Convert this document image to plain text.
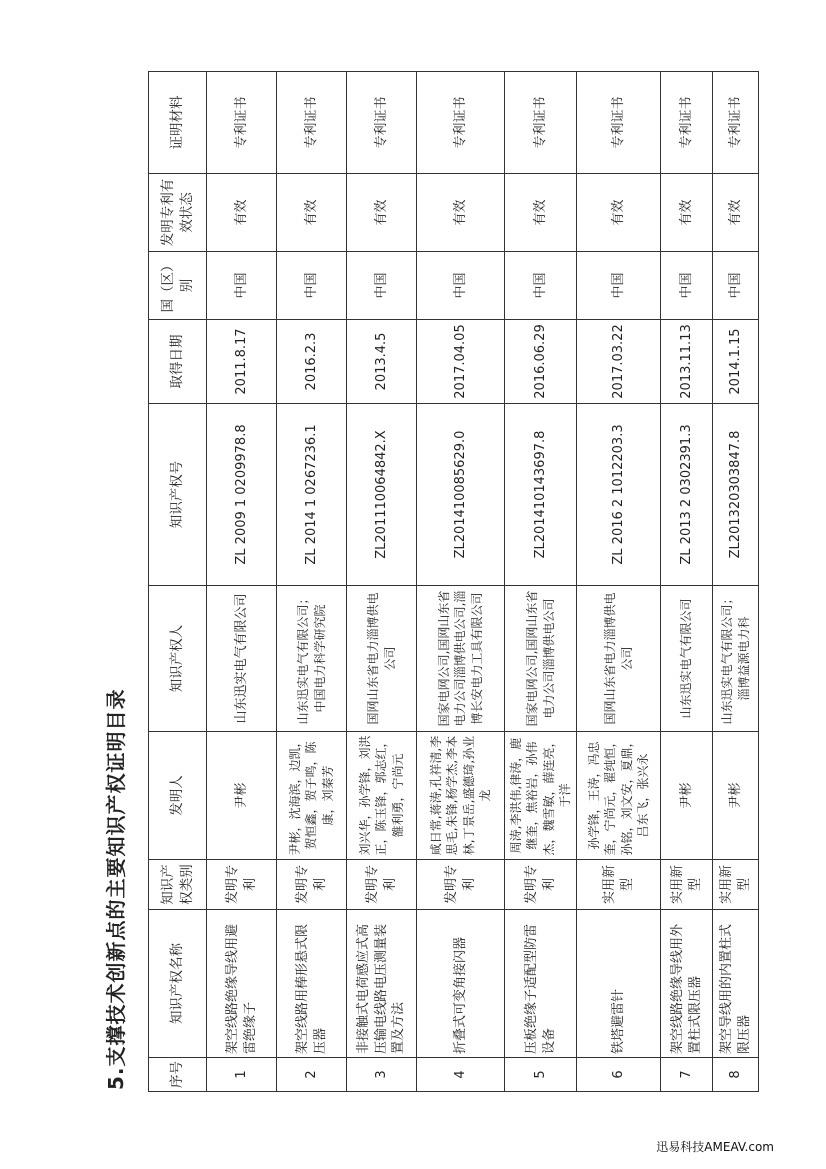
5.支撑技术创新点的主要知识产权证明目录	序号	知识产权名称	知识产权类别	发明人	知识产权人	知识产权号	取得日期	国（区）别	发明专利有效状态	证明材料
1	架空线路绝缘导线用避雷绝缘子	发明专利	尹彬	山东迅实电气有限公司	ZL 2009 1 0209978.8	2011.8.17	中国	有效	专利证书
2	架空线路用棒形悬式限压器	发明专利	尹彬，沈海滨，边凯，贺恒鑫，贺子鸣，陈康，刘秦芳	山东迅实电气有限公司；中国电力科学研究院	ZL 2014 1 0267236.1	2016.2.3	中国	有效	专利证书
3	非接触式电荷感应式高压输电线路电压测量装置及方法	发明专利	刘兴华，孙学锋，刘洪正，陈玉锋，郭志红，雒利勇，宁尚元	国网山东省电力淄博供电公司	ZL201110064842.X	2013.4.5	中国	有效	专利证书
4	折叠式可变角接闪器	发明专利	咸日常,蒋涛,孔祥清,李思毛,朱锋,杨学杰,李本林,丁景岳,盛德琦,孙业龙	国家电网公司,国网山东省电力公司淄博供电公司,淄博长安电力工具有限公司	ZL201410085629.0	2017.04.05	中国	有效	专利证书
5	压板绝缘子适配型防雷设备	发明专利	周涛,李洪伟,律涛，鹿继奎，焦裕岩，孙伟杰，魏雪敏，薛连亮，于洋	国家电网公司,国网山东省电力公司淄博供电公司	ZL201410143697.8	2016.06.29	中国	有效	专利证书
6	铁塔避雷针	实用新型	孙学锋，王涛，冯忠奎，宁尚元，翟纯恒，孙铭，刘文安，夏鼎，吕东飞，张兴永	国网山东省电力淄博供电公司	ZL 2016 2 1012203.3	2017.03.22	中国	有效	专利证书
7	架空线路绝缘导线用外置柱式限压器	实用新型	尹彬	山东迅实电气有限公司	ZL 2013 2 0302391.3	2013.11.13	中国	有效	专利证书
8	架空导线用的内置柱式限压器	实用新型	尹彬	山东迅实电气有限公司；淄博益源电力科	ZL201320303847.8	2014.1.15	中国	有效	专利证书
迅易科技AMEAV.com
